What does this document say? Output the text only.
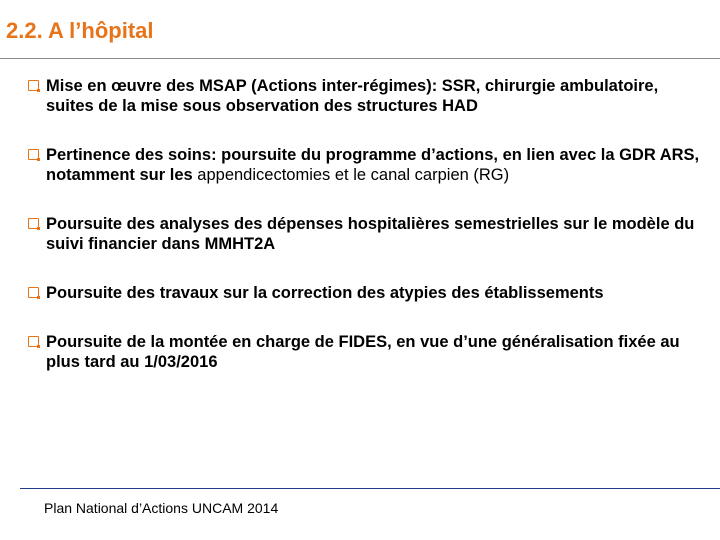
2.2. A l’hôpital
Mise en œuvre des MSAP (Actions inter-régimes): SSR, chirurgie ambulatoire, suites de la mise sous observation des structures HAD
Pertinence des soins: poursuite du programme d’actions, en lien avec la GDR ARS, notamment sur les appendicectomies et le canal carpien (RG)
Poursuite des analyses des dépenses hospitalières semestrielles sur le modèle du suivi financier dans MMHT2A
Poursuite des travaux sur la correction des atypies des établissements
Poursuite de la montée en charge de FIDES, en vue d’une généralisation fixée au plus tard au 1/03/2016
Plan National d’Actions UNCAM 2014
